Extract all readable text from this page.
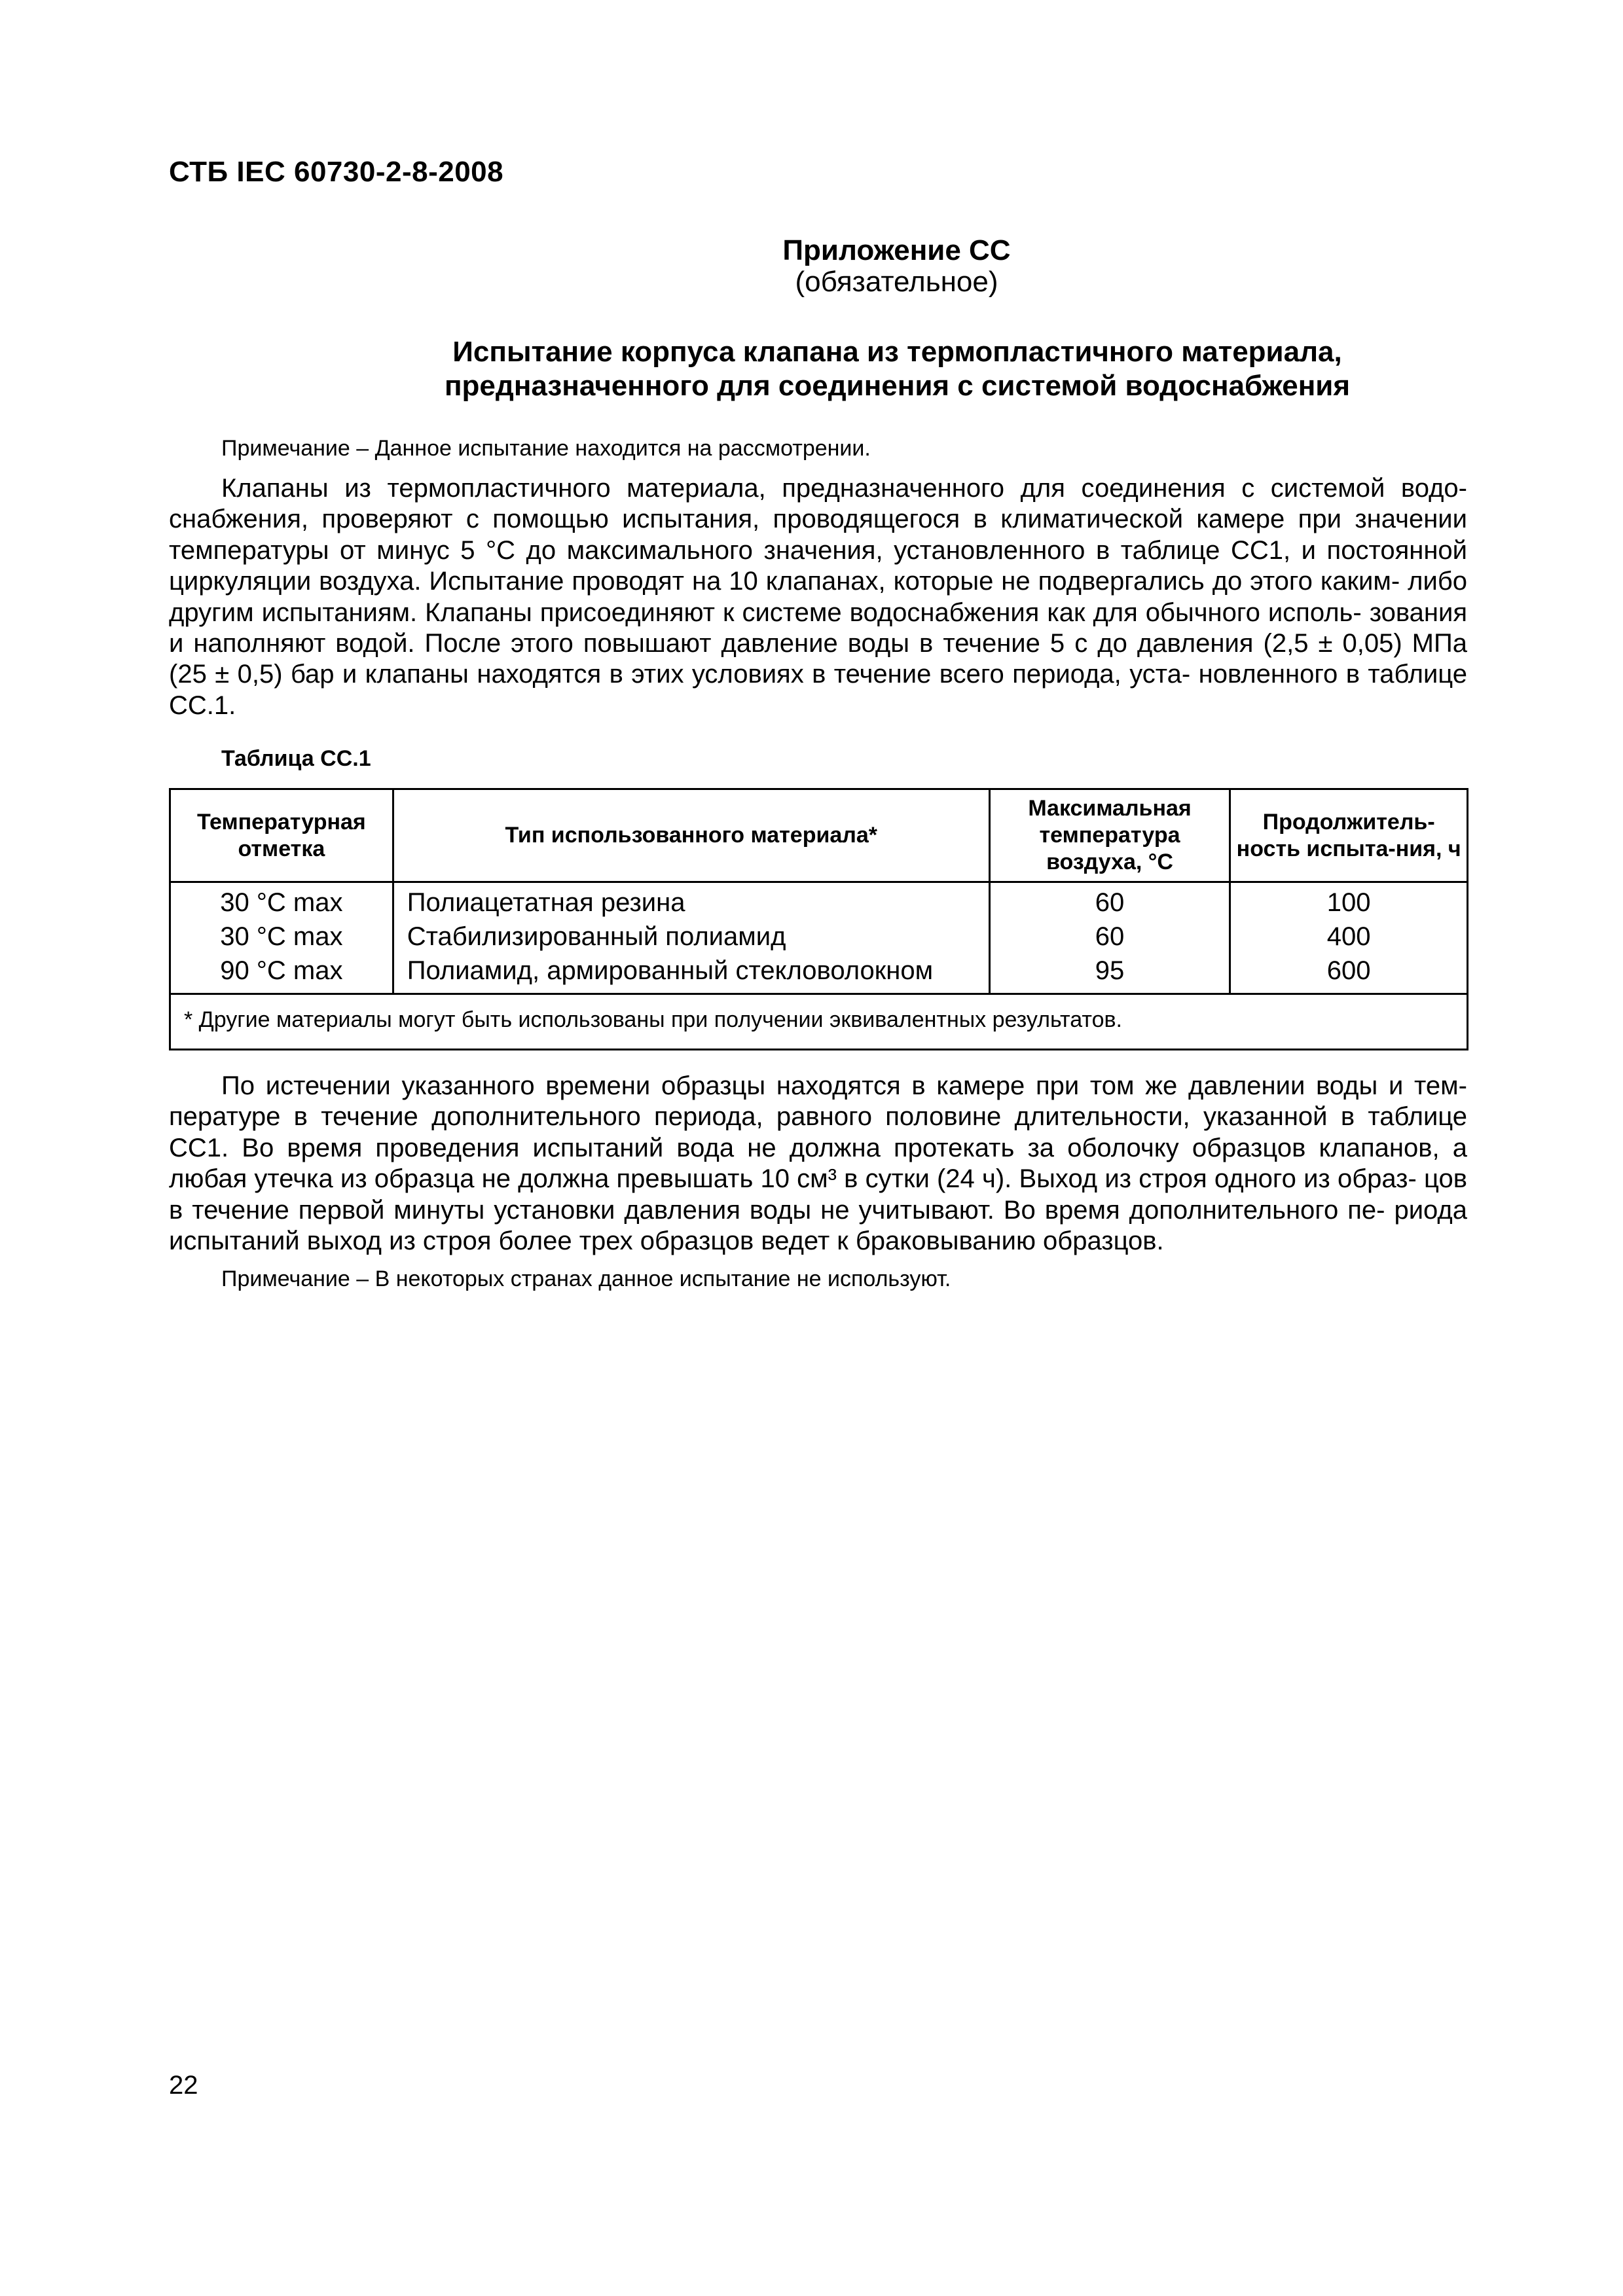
СТБ IEC 60730-2-8-2008
Приложение СС
(обязательное)
Испытание корпуса клапана из термопластичного материала,
предназначенного для соединения с системой водоснабжения
Примечание – Данное испытание находится на рассмотрении.

Клапаны из термопластичного материала, предназначенного для соединения с системой водо- снабжения, проверяют с помощью испытания, проводящегося в климатической камере при значении температуры от минус 5 °С до максимального значения, установленного в таблице СС1, и постоянной циркуляции воздуха. Испытание проводят на 10 клапанах, которые не подвергались до этого каким- либо другим испытаниям. Клапаны присоединяют к системе водоснабжения как для обычного исполь- зования и наполняют водой. После этого повышают давление воды в течение 5 с до давления (2,5 ± 0,05) МПа (25 ± 0,5) бар и клапаны находятся в этих условиях в течение всего периода, уста- новленного в таблице СС.1.

Таблица СС.1
Температурная отметка	Тип использованного материала*	Максимальная температура воздуха, °С	Продолжитель-ность испыта-ния, ч
30 °С max	Полиацетатная резина	60	100
30 °С max	Стабилизированный полиамид	60	400
90 °С max	Полиамид, армированный стекловолокном	95	600
* Другие материалы могут быть использованы при получении эквивалентных результатов.			

По истечении указанного времени образцы находятся в камере при том же давлении воды и тем- пературе в течение дополнительного периода, равного половине длительности, указанной в таблице СС1. Во время проведения испытаний вода не должна протекать за оболочку образцов клапанов, а любая утечка из образца не должна превышать 10 см³ в сутки (24 ч). Выход из строя одного из образ- цов в течение первой минуты установки давления воды не учитывают. Во время дополнительного пе- риода испытаний выход из строя более трех образцов ведет к браковыванию образцов.

Примечание – В некоторых странах данное испытание не используют.
22
